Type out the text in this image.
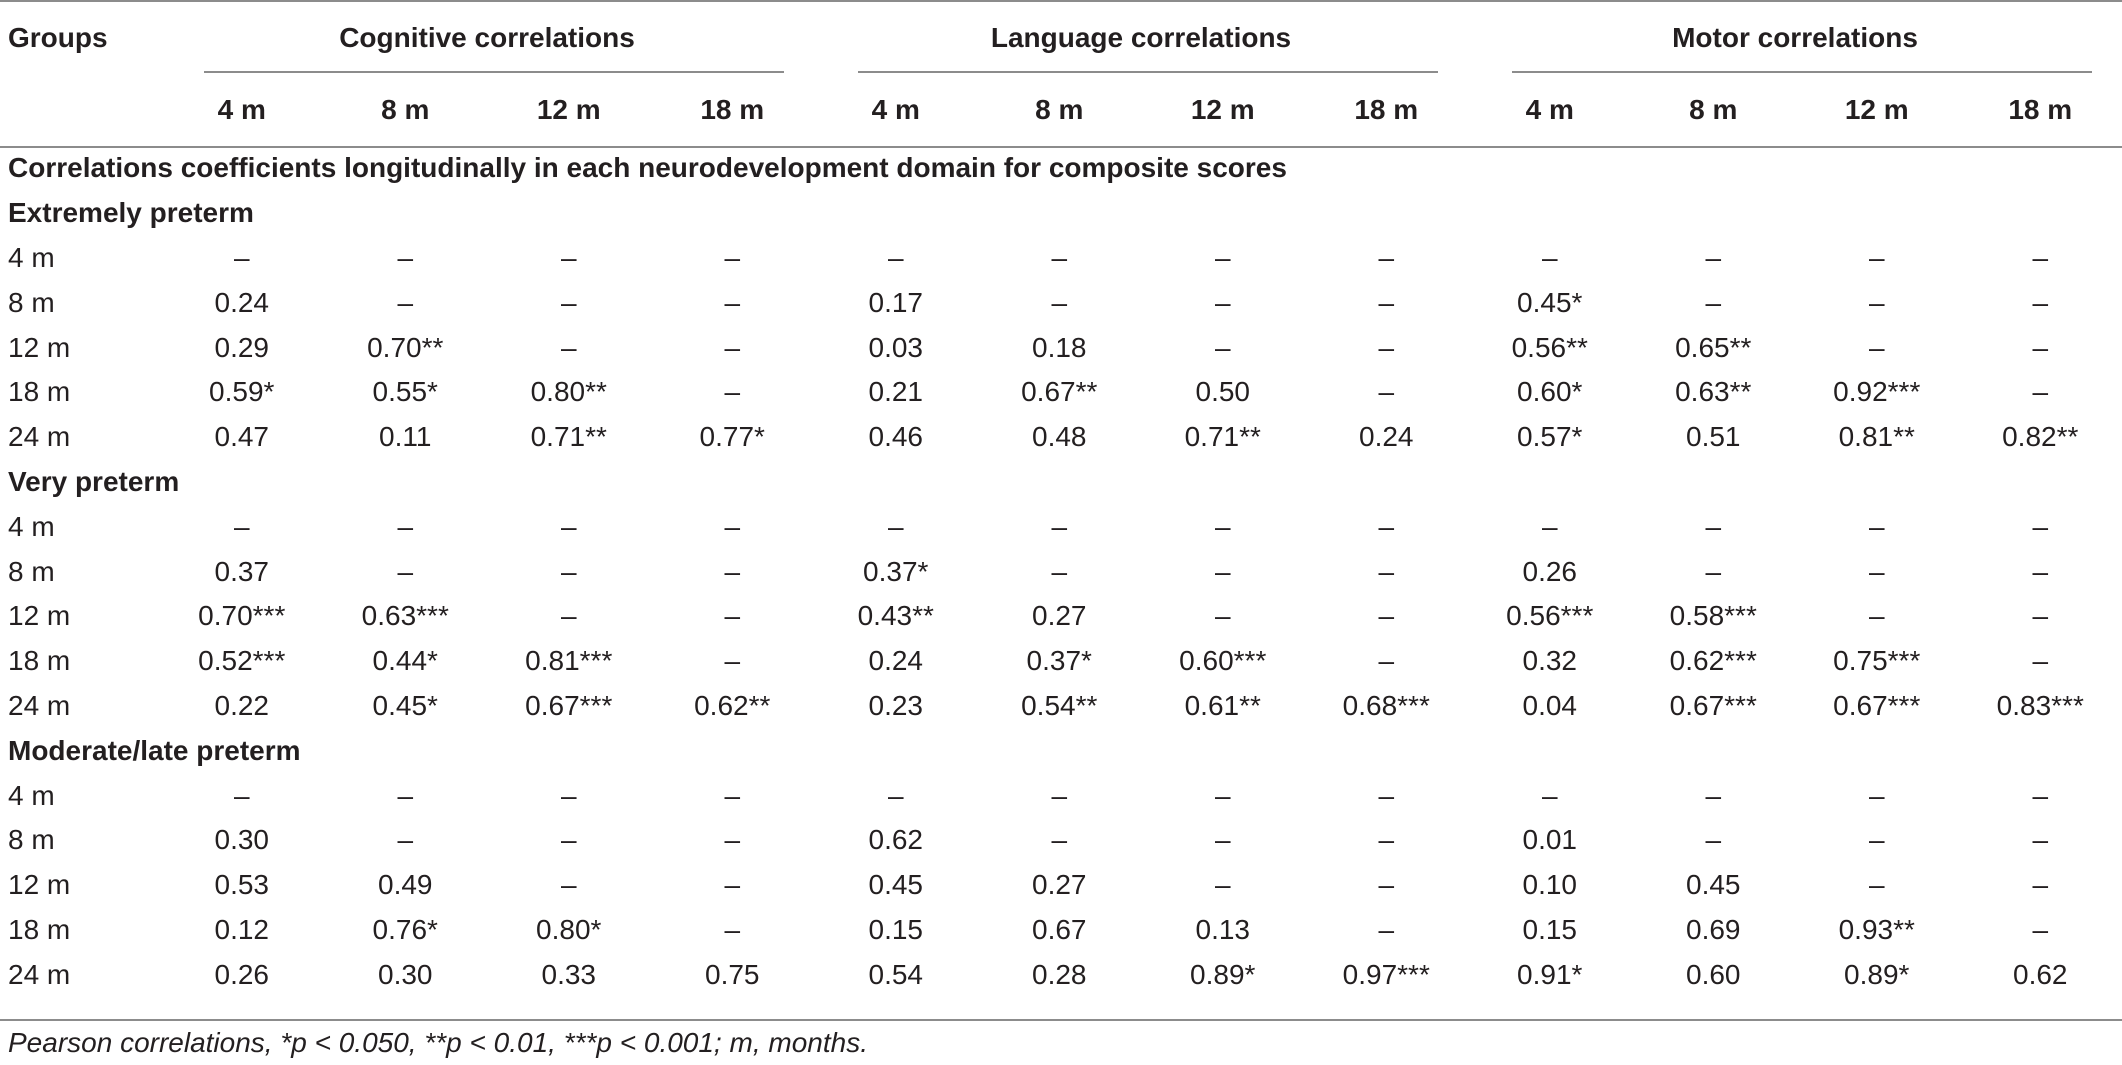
Groups	Cognitive correlations				Language correlations				Motor correlations			

	4 m	8 m	12 m	18 m	4 m	8 m	12 m	18 m	4 m	8 m	12 m	18 m
Correlations coefficients longitudinally in each neurodevelopment domain for composite scores												
Extremely preterm												
4 m	–	–	–	–	–	–	–	–	–	–	–	–
8 m	0.24	–	–	–	0.17	–	–	–	0.45*	–	–	–
12 m	0.29	0.70**	–	–	0.03	0.18	–	–	0.56**	0.65**	–	–
18 m	0.59*	0.55*	0.80**	–	0.21	0.67**	0.50	–	0.60*	0.63**	0.92***	–
24 m	0.47	0.11	0.71**	0.77*	0.46	0.48	0.71**	0.24	0.57*	0.51	0.81**	0.82**
Very preterm												
4 m	–	–	–	–	–	–	–	–	–	–	–	–
8 m	0.37	–	–	–	0.37*	–	–	–	0.26	–	–	–
12 m	0.70***	0.63***	–	–	0.43**	0.27	–	–	0.56***	0.58***	–	–
18 m	0.52***	0.44*	0.81***	–	0.24	0.37*	0.60***	–	0.32	0.62***	0.75***	–
24 m	0.22	0.45*	0.67***	0.62**	0.23	0.54**	0.61**	0.68***	0.04	0.67***	0.67***	0.83***
Moderate/late preterm												
4 m	–	–	–	–	–	–	–	–	–	–	–	–
8 m	0.30	–	–	–	0.62	–	–	–	0.01	–	–	–
12 m	0.53	0.49	–	–	0.45	0.27	–	–	0.10	0.45	–	–
18 m	0.12	0.76*	0.80*	–	0.15	0.67	0.13	–	0.15	0.69	0.93**	–
24 m	0.26	0.30	0.33	0.75	0.54	0.28	0.89*	0.97***	0.91*	0.60	0.89*	0.62
Pearson correlations, *p < 0.050, **p < 0.01, ***p < 0.001; m, months.
